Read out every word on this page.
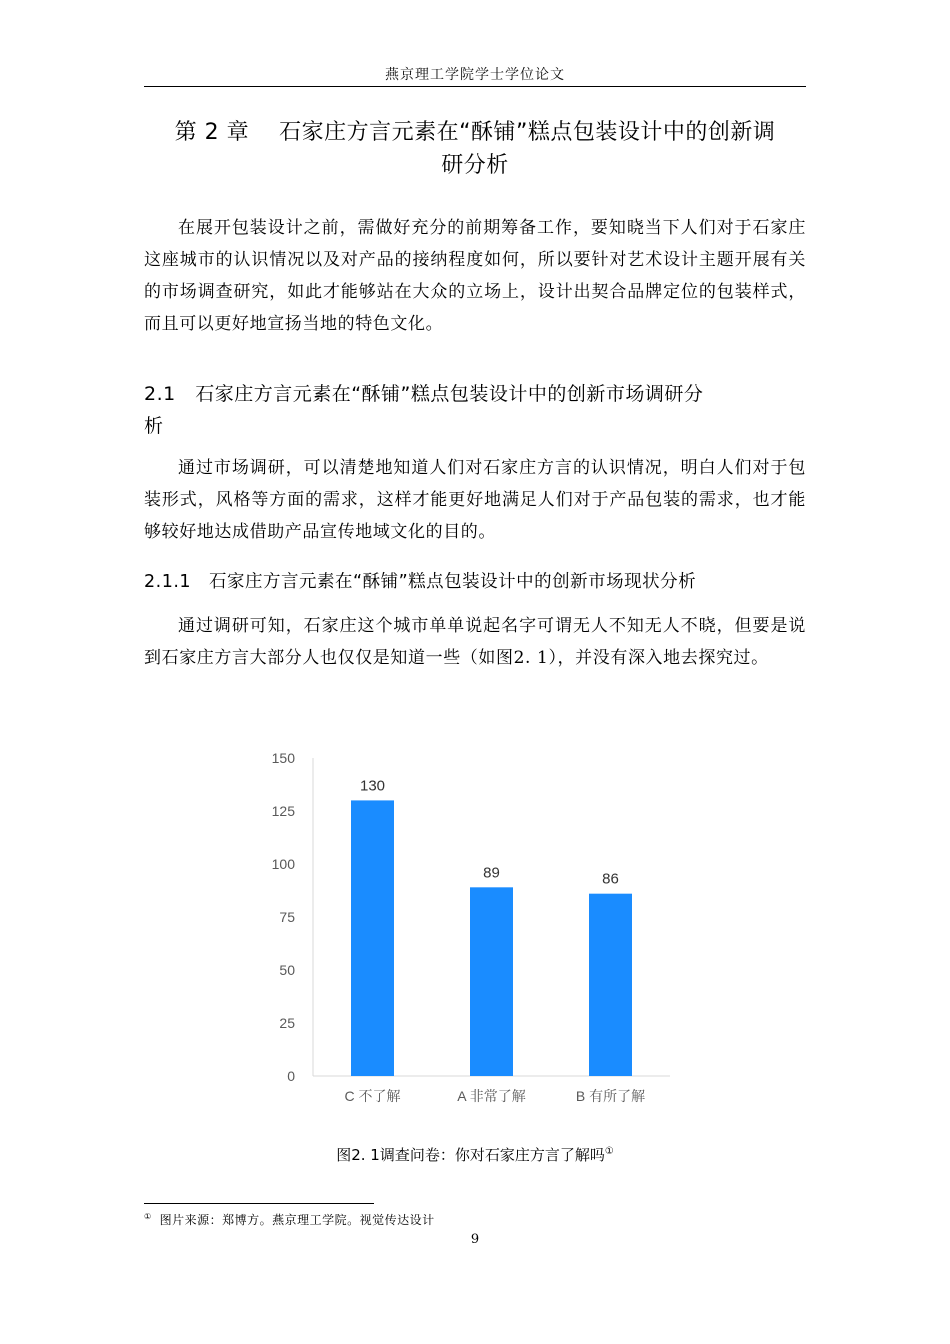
燕京理工学院学士学位论文
第 2 章　 石家庄方言元素在“酥铺”糕点包装设计中的创新调
研分析
在展开包装设计之前，需做好充分的前期筹备工作，要知晓当下人们对于石家庄这座城市的认识情况以及对产品的接纳程度如何，所以要针对艺术设计主题开展有关的市场调查研究，如此才能够站在大众的立场上，设计出契合品牌定位的包装样式，而且可以更好地宣扬当地的特色文化。
2.1　石家庄方言元素在“酥铺”糕点包装设计中的创新市场调研分
析
通过市场调研，可以清楚地知道人们对石家庄方言的认识情况，明白人们对于包装形式，风格等方面的需求，这样才能更好地满足人们对于产品包装的需求，也才能够较好地达成借助产品宣传地域文化的目的。
2.1.1　石家庄方言元素在“酥铺”糕点包装设计中的创新市场现状分析
通过调研可知，石家庄这个城市单单说起名字可谓无人不知无人不晓，但要是说到石家庄方言大部分人也仅仅是知道一些（如图2. 1），并没有深入地去探究过。
0
25
50
75
100
125
150
130
C 不了解
89
A 非常了解
86
B 有所了解
图2. 1调查问卷：你对石家庄方言了解吗①
① 图片来源：郑博方。燕京理工学院。视觉传达设计
9
